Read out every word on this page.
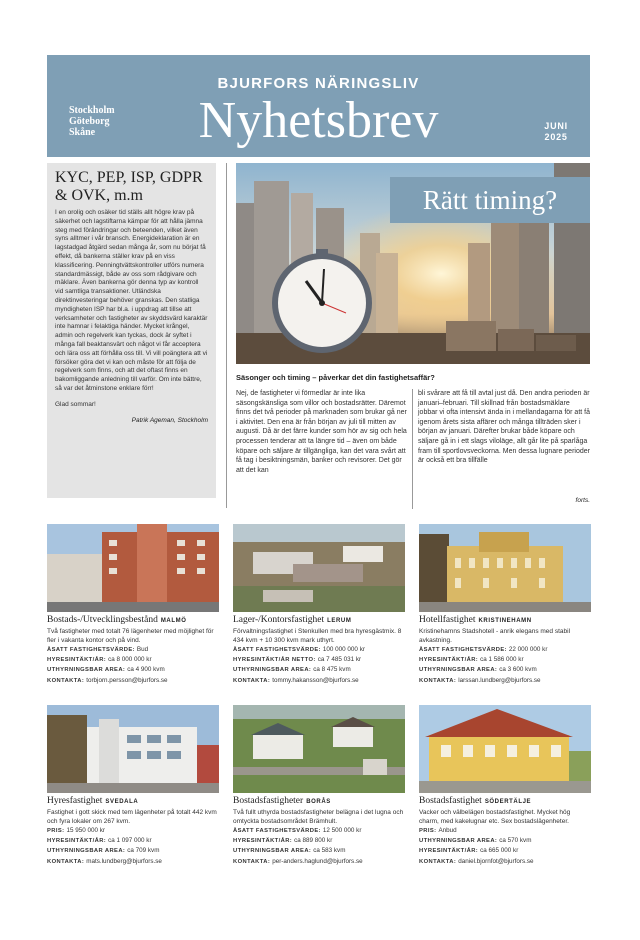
BJURFORS NÄRINGSLIV
Nyhetsbrev
Stockholm
Göteborg
Skåne
JUNI
2025
KYC, PEP, ISP, GDPR & OVK, m.m

I en orolig och osäker tid ställs allt högre krav på säkerhet och lagstiftarna kämpar för att hålla jämna steg med förändringar och beteenden, vilket även syns alltmer i vår bransch. Energideklaration är en lagstadgad åtgärd sedan många år, som nu börjat få effekt, då bankerna ställer krav på en viss klassificering. Penningtvättskontroller utförs numera standardmässigt, både av oss som rådgivare och mäklare. Även bankerna gör denna typ av kontroll vid samtliga transaktioner. Utländska direktinvesteringar behöver granskas. Den statliga myndigheten ISP har bl.a. i uppdrag att tillse att verksamheter och fastigheter av skyddsvärd karaktär inte hamnar i felaktiga händer. Mycket krångel, admin och regelverk kan tyckas, dock är syftet i många fall beaktansvärt och något vi får acceptera och lära oss att förhålla oss till. Vi vill poängtera att vi försöker göra det vi kan och måste för att följa de regelverk som finns, och att det oftast finns en bakomliggande anledning till varför. Om inte bättre, så var det åtminstone enklare förr!

Glad sommar!

Patrik Ageman, Stockholm
Rätt timing?
Säsonger och timing – påverkar det din fastighetsaffär?
Nej, de fastigheter vi förmedlar är inte lika säsongskänsliga som villor och bostadsrätter. Däremot finns det två perioder på marknaden som brukar gå ner i aktivitet. Den ena är från början av juli till mitten av augusti. Då är det färre kunder som hör av sig och hela processen tenderar att ta längre tid – även om både köpare och säljare är tillgängliga, kan det vara svårt att få tag i besiktningsmän, banker och revisorer. Det gör att det kan
bli svårare att få till avtal just då. Den andra perioden är januari–februari. Till skillnad från bostadsmäklare jobbar vi ofta intensivt ända in i mellandagarna för att få igenom årets sista affärer och många tillträden sker i början av januari. Därefter brukar både köpare och säljare gå in i ett slags viloläge, allt går lite på sparlåga fram till sportlovsveckorna. Men dessa lugnare perioder är också ett bra tillfälle
forts.
Bostads-/Utvecklingsbestånd MALMÖ
Två fastigheter med totalt 76 lägenheter med möjlighet för fler i vakanta kontor och på vind.
ÄSATT FASTIGHETSVÄRDE: Bud
HYRESINTÄKT/ÅR: ca 8 000 000 kr
UTHYRNINGSBAR AREA: ca 4 900 kvm
KONTAKTA: torbjorn.persson@bjurfors.se
Lager-/Kontorsfastighet LERUM
Förvaltningsfastighet i Stenkullen med bra hyresgästmix. 8 434 kvm + 10 300 kvm mark uthyrt.
ÄSATT FASTIGHETSVÄRDE: 100 000 000 kr
HYRESINTÄKT/ÅR NETTO: ca 7 485 031 kr
UTHYRNINGSBAR AREA: ca 8 475 kvm
KONTAKTA: tommy.hakansson@bjurfors.se
Hotellfastighet KRISTINEHAMN
Kristinehamns Stadshotell - anrik elegans med stabil avkastning.
ÄSATT FASTIGHETSVÄRDE: 22 000 000 kr
HYRESINTÄKT/ÅR: ca 1 586 000 kr
UTHYRNINGSBAR AREA: ca 3 600 kvm
KONTAKTA: larssan.lundberg@bjurfors.se
Hyresfastighet SVEDALA
Fastighet i gott skick med tem lägenheter på totalt 442 kvm och fyra lokaler om 267 kvm.
PRIS: 15 950 000 kr
HYRESINTÄKT/ÅR: ca 1 097 000 kr
UTHYRNINGSBAR AREA: ca 709 kvm
KONTAKTA: mats.lundberg@bjurfors.se
Bostadsfastigheter BORÅS
Två fullt uthyrda bostadsfastigheter belägna i det lugna och omtyckta bostadsområdet Brämhult.
ÄSATT FASTIGHETSVÄRDE: 12 500 000 kr
HYRESINTÄKT/ÅR: ca 889 800 kr
UTHYRNINGSBAR AREA: ca 583 kvm
KONTAKTA: per-anders.haglund@bjurfors.se
Bostadsfastighet SÖDERTÄLJE
Vacker och välbelägen bostadsfastighet. Mycket hög charm, med kakelugnar etc. Sex bostadslägenheter.
PRIS: Anbud
UTHYRNINGSBAR AREA: ca 570 kvm
HYRESINTÄKT/ÅR: ca 665 000 kr
KONTAKTA: daniel.bjornfot@bjurfors.se
